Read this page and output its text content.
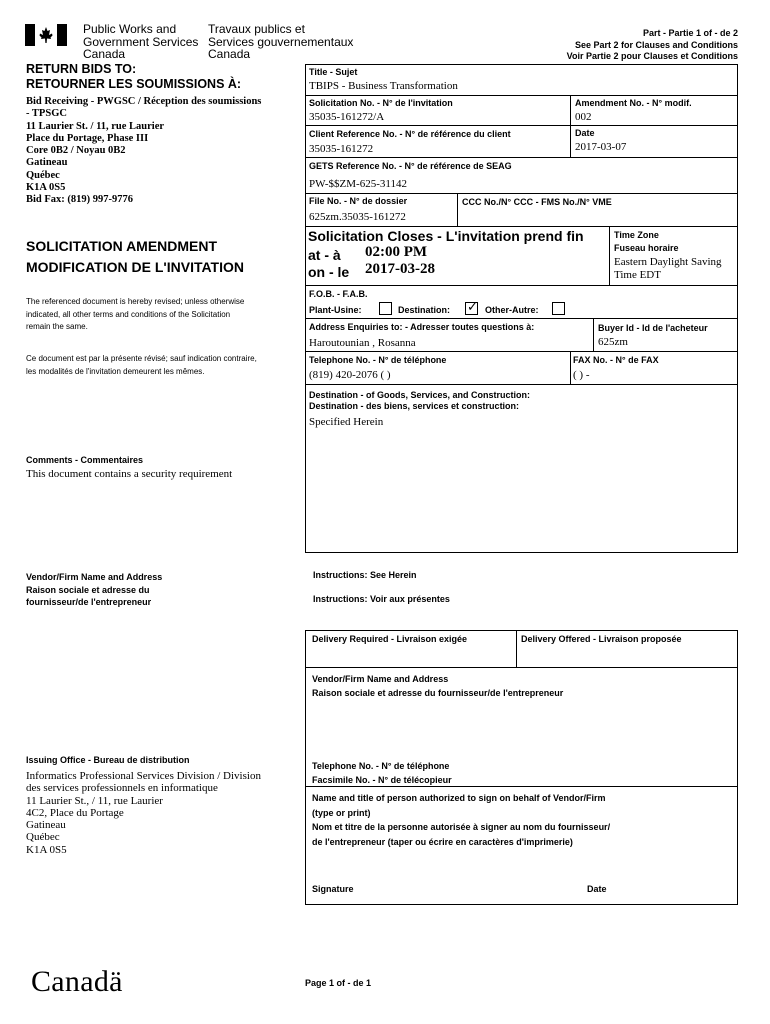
Public Works and
Government Services
Canada
Travaux publics et
Services gouvernementaux
Canada
Part - Partie 1 of - de 2
See Part 2 for Clauses and Conditions
Voir Partie 2 pour Clauses et Conditions
RETURN BIDS TO:
RETOURNER LES SOUMISSIONS À:
Bid Receiving - PWGSC / Réception des soumissions
- TPSGC
11 Laurier St. / 11, rue Laurier
Place du Portage, Phase III
Core 0B2 / Noyau 0B2
Gatineau
Québec
K1A 0S5
Bid Fax: (819) 997-9776
SOLICITATION AMENDMENT
MODIFICATION DE L'INVITATION
The referenced document is hereby revised; unless otherwise
indicated, all other terms and conditions of the Solicitation
remain the same.
Ce document est par la présente révisé; sauf indication contraire,
les modalités de l'invitation demeurent les mêmes.
Comments - Commentaires
This document contains a security requirement
Vendor/Firm Name and Address
Raison sociale et adresse du
fournisseur/de l'entrepreneur
Issuing Office - Bureau de distribution
Informatics Professional Services Division / Division
des services professionnels en informatique
11 Laurier St., / 11, rue Laurier
4C2, Place du Portage
Gatineau
Québec
K1A 0S5
Canadä
Title - Sujet
TBIPS - Business Transformation
Solicitation No. - N° de l'invitation
35035-161272/A
Amendment No. - N° modif.
002
Client Reference No. - N° de référence du client
35035-161272
Date
2017-03-07
GETS Reference No. - N° de référence de SEAG
PW-$$ZM-625-31142
File No. - N° de dossier
625zm.35035-161272
CCC No./N° CCC - FMS No./N° VME
Solicitation Closes - L'invitation prend fin
at - à 02:00 PM
on - le 2017-03-28
Time Zone
Fuseau horaire
Eastern Daylight Saving
Time EDT
F.O.B. - F.A.B.
Plant-Usine:	Destination: ✓ Other-Autre:
Address Enquiries to: - Adresser toutes questions à:
Haroutounian , Rosanna
Buyer Id - Id de l'acheteur
625zm
Telephone No. - N° de téléphone
(819) 420-2076 ( )
FAX No. - N° de FAX
( ) -
Destination - of Goods, Services, and Construction:
Destination - des biens, services et construction:
Specified Herein
Instructions: See Herein
Instructions: Voir aux présentes
Delivery Required - Livraison exigée	Delivery Offered - Livraison proposée
Vendor/Firm Name and Address
Raison sociale et adresse du fournisseur/de l'entrepreneur
Telephone No. - N° de téléphone
Facsimile No. - N° de télécopieur
Name and title of person authorized to sign on behalf of Vendor/Firm
(type or print)
Nom et titre de la personne autorisée à signer au nom du fournisseur/
de l'entrepreneur (taper ou écrire en caractères d'imprimerie)
Signature	Date
Page 1 of - de 1
